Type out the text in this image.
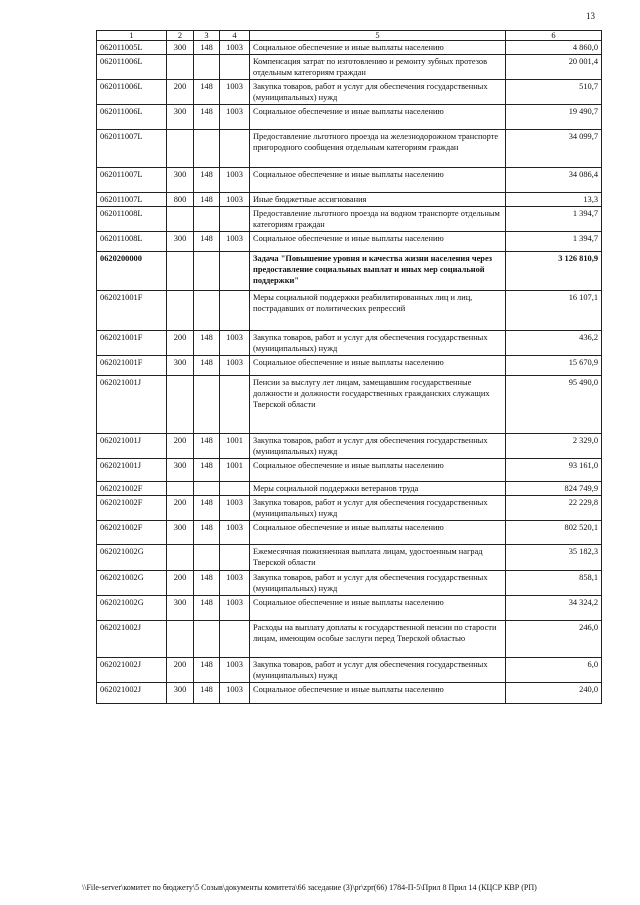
13
1	2	3	4	5	6
062011005L	300	148	1003	Социальное обеспечение и иные выплаты населению	4 860,0
062011006L				Компенсация затрат по изготовлению и ремонту зубных протезов отдельным категориям граждан	20 001,4
062011006L	200	148	1003	Закупка товаров, работ и услуг для обеспечения государственных (муниципальных) нужд	510,7
062011006L	300	148	1003	Социальное обеспечение и иные выплаты населению	19 490,7
062011007L				Предоставление льготного проезда на железнодорожном транспорте пригородного сообщения отдельным категориям граждан	34 099,7
062011007L	300	148	1003	Социальное обеспечение и иные выплаты населению	34 086,4
062011007L	800	148	1003	Иные бюджетные ассигнования	13,3
062011008L				Предоставление льготного проезда на водном транспорте отдельным категориям граждан	1 394,7
062011008L	300	148	1003	Социальное обеспечение и иные выплаты населению	1 394,7
0620200000				Задача "Повышение уровня и качества жизни населения через предоставление социальных выплат и иных мер социальной поддержки"	3 126 810,9
062021001F				Меры социальной поддержки реабилитированных лиц и лиц, пострадавших от политических репрессий	16 107,1
062021001F	200	148	1003	Закупка товаров, работ и услуг для обеспечения государственных (муниципальных) нужд	436,2
062021001F	300	148	1003	Социальное обеспечение и иные выплаты населению	15 670,9
062021001J				Пенсии за выслугу лет лицам, замещавшим государственные должности и должности государственных гражданских служащих Тверской области	95 490,0
062021001J	200	148	1001	Закупка товаров, работ и услуг для обеспечения государственных (муниципальных) нужд	2 329,0
062021001J	300	148	1001	Социальное обеспечение и иные выплаты населению	93 161,0
062021002F				Меры социальной поддержки ветеранов труда	824 749,9
062021002F	200	148	1003	Закупка товаров, работ и услуг для обеспечения государственных (муниципальных) нужд	22 229,8
062021002F	300	148	1003	Социальное обеспечение и иные выплаты населению	802 520,1
062021002G				Ежемесячная пожизненная выплата лицам, удостоенным наград Тверской области	35 182,3
062021002G	200	148	1003	Закупка товаров, работ и услуг для обеспечения государственных (муниципальных) нужд	858,1
062021002G	300	148	1003	Социальное обеспечение и иные выплаты населению	34 324,2
062021002J				Расходы на выплату доплаты к государственной пенсии по старости лицам, имеющим особые заслуги перед Тверской областью	246,0
062021002J	200	148	1003	Закупка товаров, работ и услуг для обеспечения государственных (муниципальных) нужд	6,0
062021002J	300	148	1003	Социальное обеспечение и иные выплаты населению	240,0
\\File-server\комитет по бюджету\5 Созыв\документы комитета\66 заседание (3)\pr\zpr(66) 1784-П-5\Прил 8 Прил 14 (КЦСР КВР (РП)
